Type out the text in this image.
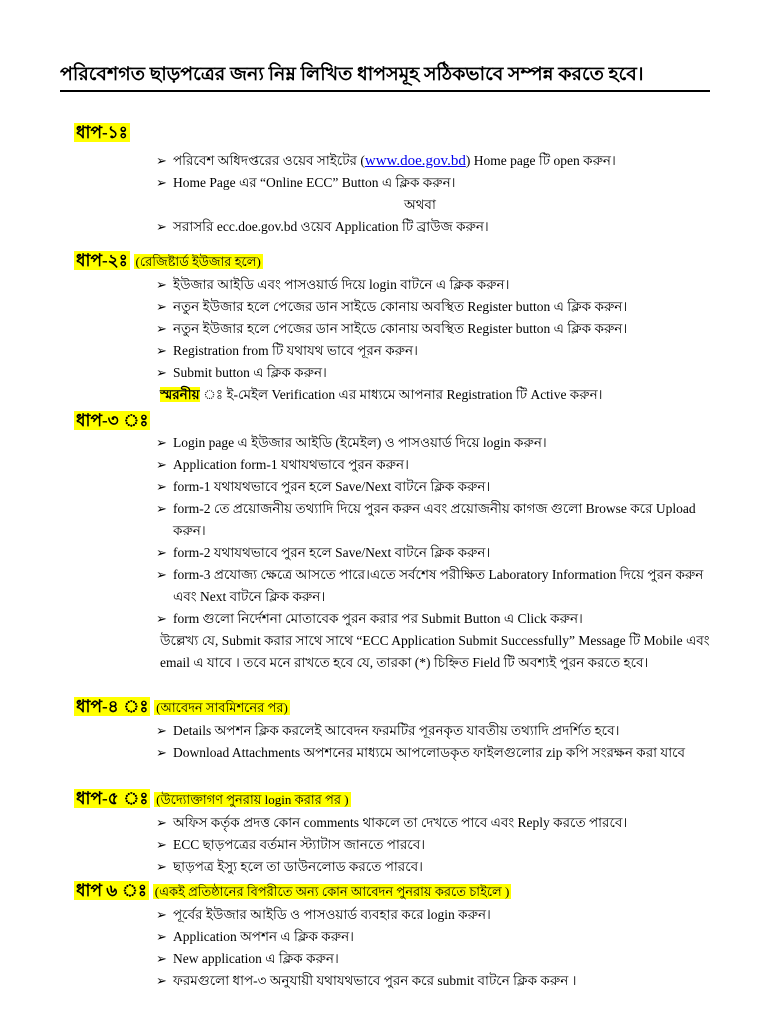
পরিবেশগত ছাড়পত্রের জন্য নিম্ন লিখিত ধাপসমূহ সঠিকভাবে সম্পন্ন করতে হবে।
ধাপ-১ঃ
➢ পরিবেশ অধিদপ্তরের ওয়েব সাইটের (www.doe.gov.bd) Home page টি open করুন।
➢ Home Page এর “Online ECC” Button এ ক্লিক করুন।
অথবা
➢ সরাসরি ecc.doe.gov.bd ওয়েব Application টি ব্রাউজ করুন।
ধাপ-২ঃ (রেজিষ্টার্ড ইউজার হলে)
➢ ইউজার আইডি এবং পাসওয়ার্ড দিয়ে login বাটনে এ ক্লিক করুন।
➢ নতুন ইউজার হলে পেজের ডান সাইডে কোনায় অবস্থিত Register button এ ক্লিক করুন।
➢ নতুন ইউজার হলে পেজের ডান সাইডে কোনায় অবস্থিত Register button এ ক্লিক করুন।
➢ Registration from টি যথাযথ ভাবে পূরন করুন।
➢ Submit button এ ক্লিক করুন।
স্মরনীয় ঃ ই-মেইল Verification এর মাধ্যমে আপনার Registration টি Active করুন।
ধাপ-৩ ঃ
➢ Login page এ ইউজার আইডি (ইমেইল) ও পাসওয়ার্ড দিয়ে login করুন।
➢ Application form-1 যথাযথভাবে পুরন করুন।
➢ form-1 যথাযথভাবে পুরন হলে Save/Next বাটনে ক্লিক করুন।
➢ form-2 তে প্রয়োজনীয় তথ্যাদি দিয়ে পুরন করুন এবং প্রয়োজনীয় কাগজ গুলো Browse করে Upload করুন।
➢ form-2 যথাযথভাবে পুরন হলে Save/Next বাটনে ক্লিক করুন।
➢ form-3 প্রযোজ্য ক্ষেত্রে আসতে পারে।এতে সর্বশেষ পরীক্ষিত Laboratory Information দিয়ে পুরন করুন এবং Next বাটনে ক্লিক করুন।
➢ form গুলো নির্দেশনা মোতাবেক পুরন করার পর Submit Button এ Click করুন।
উল্লেখ্য যে, Submit করার সাথে সাথে “ECC Application Submit Successfully” Message টি Mobile এবং email এ যাবে । তবে মনে রাখতে হবে যে, তারকা (*) চিহ্নিত Field টি অবশ্যই পুরন করতে হবে।
ধাপ-৪ ঃ (আবেদন সাবমিশনের পর)
➢ Details অপশন ক্লিক করলেই আবেদন ফরমটির পূরনকৃত যাবতীয় তথ্যাদি প্রদর্শিত হবে।
➢ Download Attachments অপশনের মাধ্যমে আপলোডকৃত ফাইলগুলোর zip কপি সংরক্ষন করা যাবে
ধাপ-৫ ঃ (উদ্যোক্তাগণ পুনরায় login করার পর )
➢ অফিস কর্তৃক প্রদত্ত কোন comments থাকলে তা দেখতে পাবে এবং Reply করতে পারবে।
➢ ECC ছাড়পত্রের বর্তমান স্ট্যাটাস জানতে পারবে।
➢ ছাড়পত্র ইস্যু হলে তা ডাউনলোড করতে পারবে।
ধাপ ৬ ঃ (একই প্রতিষ্ঠানের বিপরীতে অন্য কোন আবেদন পুনরায় করতে চাইলে )
➢ পূর্বের ইউজার আইডি ও পাসওয়ার্ড ব্যবহার করে login করুন।
➢ Application অপশন এ ক্লিক করুন।
➢ New application এ ক্লিক করুন।
➢ ফরমগুলো ধাপ-৩ অনুযায়ী যথাযথভাবে পুরন করে submit বাটনে ক্লিক করুন ।
